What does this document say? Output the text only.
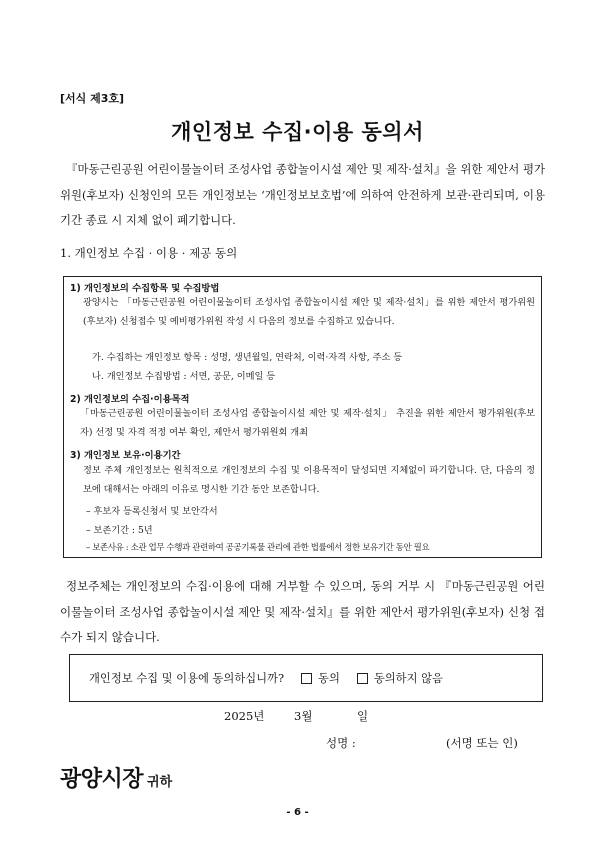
[서식 제3호]
개인정보 수집·이용 동의서
『마동근린공원 어린이물놀이터 조성사업 종합놀이시설 제안 및 제작·설치』을 위한 제안서 평가위원(후보자) 신청인의 모든 개인정보는 ‘개인정보보호법’에 의하여 안전하게 보관·관리되며, 이용기간 종료 시 지체 없이 폐기합니다.
1. 개인정보 수집 · 이용 · 제공 동의
1) 개인정보의 수집항목 및 수집방법
광양시는 「마동근린공원 어린이물놀이터 조성사업 종합놀이시설 제안 및 제작·설치」를 위한 제안서 평가위원(후보자) 신청접수 및 예비평가위원 작성 시 다음의 정보를 수집하고 있습니다.
가. 수집하는 개인정보 항목 : 성명, 생년월일, 연락처, 이력·자격 사항, 주소 등
나. 개인정보 수집방법 : 서면, 공문, 이메일 등
2) 개인정보의 수집·이용목적
「마동근린공원 어린이물놀이터 조성사업 종합놀이시설 제안 및 제작·설치」 추진을 위한 제안서 평가위원(후보자) 선정 및 자격 적정 여부 확인, 제안서 평가위원회 개최
3) 개인정보 보유·이용기간
정보 주체 개인정보는 원칙적으로 개인정보의 수집 및 이용목적이 달성되면 지체없이 파기합니다. 단, 다음의 정보에 대해서는 아래의 이유로 명시한 기간 동안 보존합니다.
– 후보자 등록신청서 및 보안각서
– 보존기간 : 5년
– 보존사유 : 소관 업무 수행과 관련하여 공공기록물 관리에 관한 법률에서 정한 보유기간 동안 필요
정보주체는 개인정보의 수집·이용에 대해 거부할 수 있으며, 동의 거부 시 『마동근린공원 어린이물놀이터 조성사업 종합놀이시설 제안 및 제작·설치』를 위한 제안서 평가위원(후보자) 신청 접수가 되지 않습니다.
개인정보 수집 및 이용에 동의하십니까?	동의	동의하지 않음
2025년	3월	일
성명 :	(서명 또는 인)
광양시장 귀하
- 6 -
